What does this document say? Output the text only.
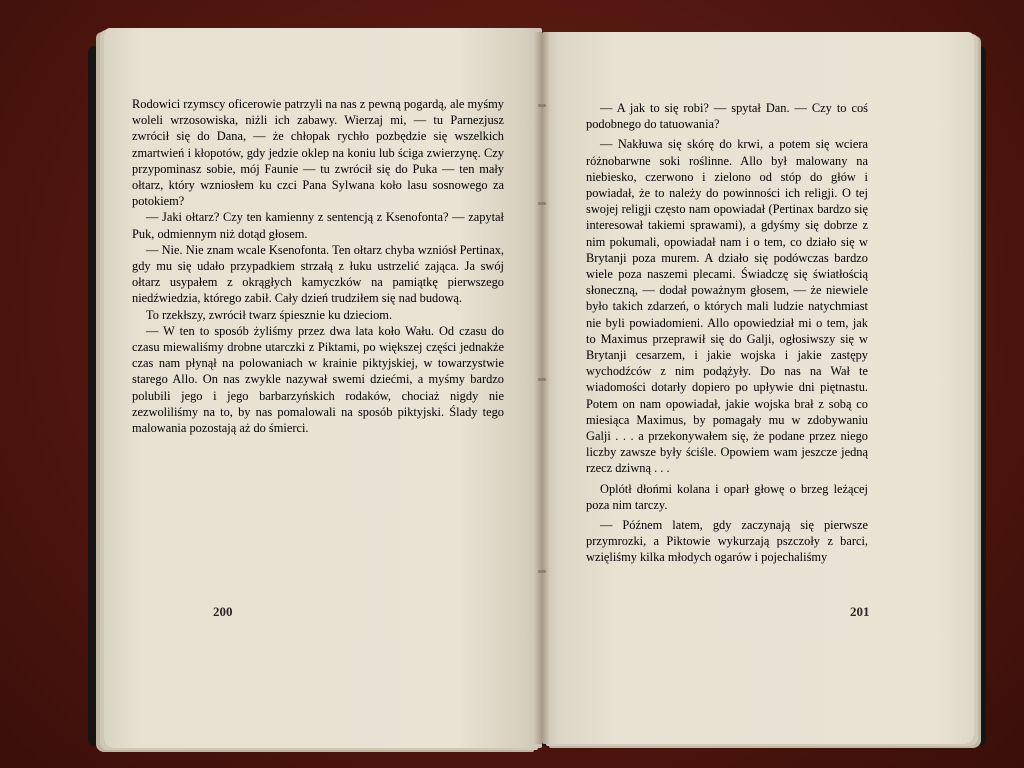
Rodowici rzymscy oficerowie patrzyli na nas z pewną pogardą, ale myśmy woleli wrzosowiska, niżli ich zabawy. Wierzaj mi, — tu Parnezjusz zwrócił się do Dana, — że chłopak rychło pozbędzie się wszelkich zmartwień i kłopotów, gdy jedzie oklep na koniu lub ściga zwierzynę. Czy przypominasz sobie, mój Faunie — tu zwrócił się do Puka — ten mały ołtarz, który wzniosłem ku czci Pana Sylwana koło lasu sosnowego za potokiem?

— Jaki ołtarz? Czy ten kamienny z sentencją z Ksenofonta? — zapytał Puk, odmiennym niż dotąd głosem.

— Nie. Nie znam wcale Ksenofonta. Ten ołtarz chyba wzniósł Pertinax, gdy mu się udało przypadkiem strzałą z łuku ustrzelić zająca. Ja swój ołtarz usypałem z okrągłych kamyczków na pamiątkę pierwszego niedźwiedzia, którego zabił. Cały dzień trudziłem się nad budową.

To rzekłszy, zwrócił twarz śpiesznie ku dzieciom.

— W ten to sposób żyliśmy przez dwa lata koło Wału. Od czasu do czasu miewaliśmy drobne utarczki z Piktami, po większej części jednakże czas nam płynął na polowaniach w krainie piktyjskiej, w towarzystwie starego Allo. On nas zwykle nazywał swemi dziećmi, a myśmy bardzo polubili jego i jego barbarzyńskich rodaków, chociaż nigdy nie zezwoliliśmy na to, by nas pomalowali na sposób piktyjski. Ślady tego malowania pozostają aż do śmierci.

200

— A jak to się robi? — spytał Dan. — Czy to coś podobnego do tatuowania?

— Nakłuwa się skórę do krwi, a potem się wciera różnobarwne soki roślinne. Allo był malowany na niebiesko, czerwono i zielono od stóp do głów i powiadał, że to należy do powinności ich religji. O tej swojej religji często nam opowiadał (Pertinax bardzo się interesował takiemi sprawami), a gdyśmy się dobrze z nim pokumali, opowiadał nam i o tem, co działo się w Brytanji poza murem. A działo się podówczas bardzo wiele poza naszemi plecami. Świadczę się światłością słoneczną, — dodał poważnym głosem, — że niewiele było takich zdarzeń, o których mali ludzie natychmiast nie byli powiadomieni. Allo opowiedział mi o tem, jak to Maximus przeprawił się do Galji, ogłosiwszy się w Brytanji cesarzem, i jakie wojska i jakie zastępy wychodźców z nim podążyły. Do nas na Wał te wiadomości dotarły dopiero po upływie dni piętnastu. Potem on nam opowiadał, jakie wojska brał z sobą co miesiąca Maximus, by pomagały mu w zdobywaniu Galji . . . a przekonywałem się, że podane przez niego liczby zawsze były ściśle. Opowiem wam jeszcze jedną rzecz dziwną . . .

Oplótł dłońmi kolana i oparł głowę o brzeg leżącej poza nim tarczy.

— Późnem latem, gdy zaczynają się pierwsze przymrozki, a Piktowie wykurzają pszczoły z barci, wzięliśmy kilka młodych ogarów i pojechaliśmy

201
